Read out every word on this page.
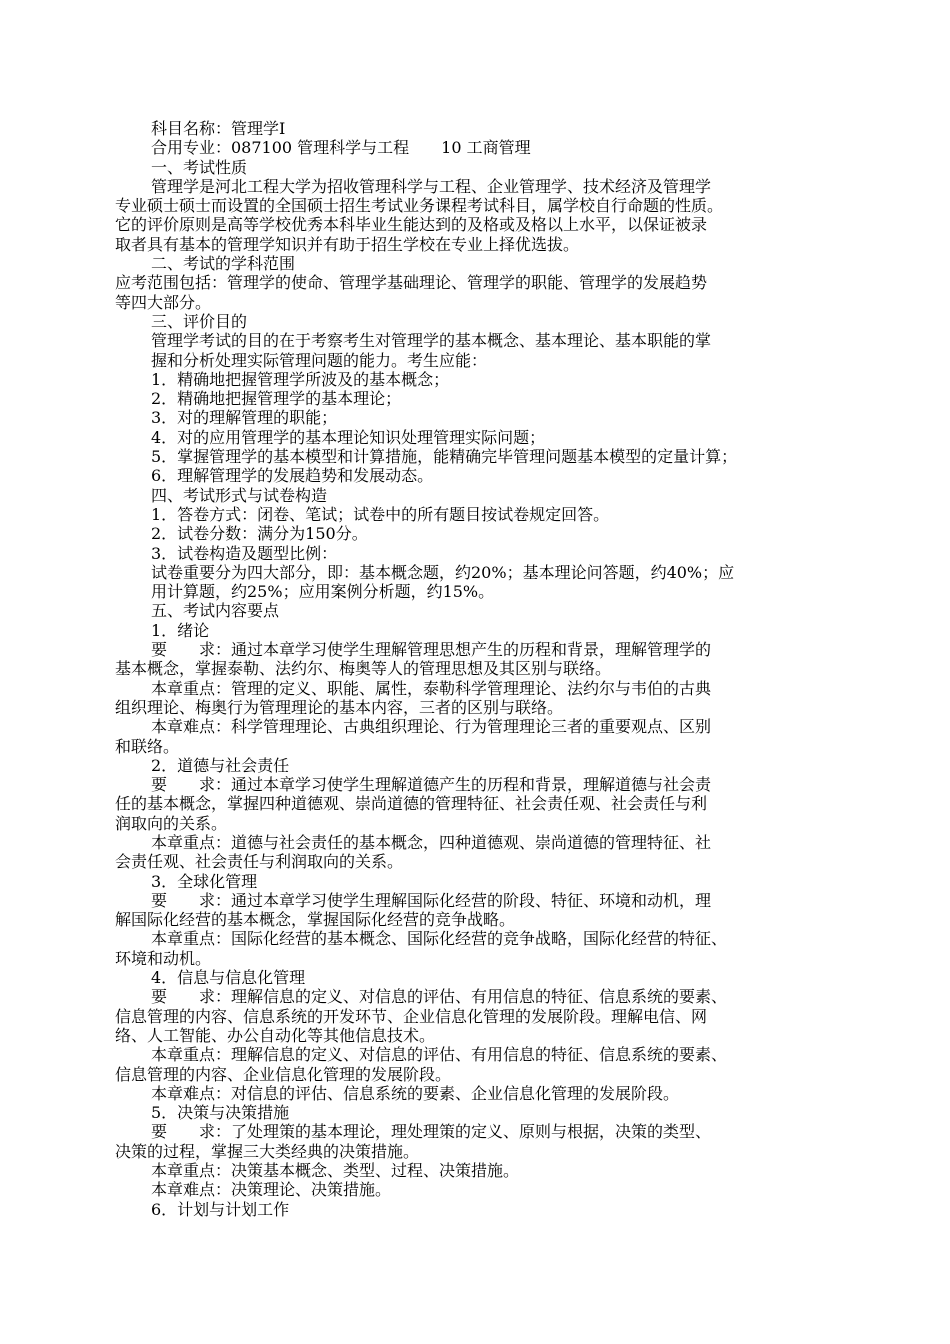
科目名称：管理学Ⅰ

合用专业：087100 管理科学与工程　　10 工商管理

一、考试性质

管理学是河北工程大学为招收管理科学与工程、企业管理学、技术经济及管理学

专业硕士硕士而设置的全国硕士招生考试业务课程考试科目，属学校自行命题的性质。

它的评价原则是高等学校优秀本科毕业生能达到的及格或及格以上水平，以保证被录

取者具有基本的管理学知识并有助于招生学校在专业上择优选拔。

二、考试的学科范围

应考范围包括：管理学的使命、管理学基础理论、管理学的职能、管理学的发展趋势

等四大部分。

三、评价目的

管理学考试的目的在于考察考生对管理学的基本概念、基本理论、基本职能的掌

握和分析处理实际管理问题的能力。考生应能：

1．精确地把握管理学所波及的基本概念；

2．精确地把握管理学的基本理论；

3．对的理解管理的职能；

4．对的应用管理学的基本理论知识处理管理实际问题；

5．掌握管理学的基本模型和计算措施，能精确完毕管理问题基本模型的定量计算；

6．理解管理学的发展趋势和发展动态。

四、考试形式与试卷构造

1．答卷方式：闭卷、笔试；试卷中的所有题目按试卷规定回答。

2．试卷分数：满分为150分。

3．试卷构造及题型比例：

试卷重要分为四大部分，即：基本概念题，约20%；基本理论问答题，约40%；应

用计算题，约25%；应用案例分析题，约15%。

五、考试内容要点

1．绪论

要　　求：通过本章学习使学生理解管理思想产生的历程和背景，理解管理学的

基本概念，掌握泰勒、法约尔、梅奥等人的管理思想及其区别与联络。

本章重点：管理的定义、职能、属性，泰勒科学管理理论、法约尔与韦伯的古典

组织理论、梅奥行为管理理论的基本内容，三者的区别与联络。

本章难点：科学管理理论、古典组织理论、行为管理理论三者的重要观点、区别

和联络。

2．道德与社会责任

要　　求：通过本章学习使学生理解道德产生的历程和背景，理解道德与社会责

任的基本概念，掌握四种道德观、崇尚道德的管理特征、社会责任观、社会责任与利

润取向的关系。

本章重点：道德与社会责任的基本概念，四种道德观、崇尚道德的管理特征、社

会责任观、社会责任与利润取向的关系。

3．全球化管理

要　　求：通过本章学习使学生理解国际化经营的阶段、特征、环境和动机，理

解国际化经营的基本概念，掌握国际化经营的竞争战略。

本章重点：国际化经营的基本概念、国际化经营的竞争战略，国际化经营的特征、

环境和动机。

4．信息与信息化管理

要　　求：理解信息的定义、对信息的评估、有用信息的特征、信息系统的要素、

信息管理的内容、信息系统的开发环节、企业信息化管理的发展阶段。理解电信、网

络、人工智能、办公自动化等其他信息技术。

本章重点：理解信息的定义、对信息的评估、有用信息的特征、信息系统的要素、

信息管理的内容、企业信息化管理的发展阶段。

本章难点：对信息的评估、信息系统的要素、企业信息化管理的发展阶段。

5．决策与决策措施

要　　求：了处理策的基本理论，理处理策的定义、原则与根据，决策的类型、

决策的过程，掌握三大类经典的决策措施。

本章重点：决策基本概念、类型、过程、决策措施。

本章难点：决策理论、决策措施。

6．计划与计划工作
